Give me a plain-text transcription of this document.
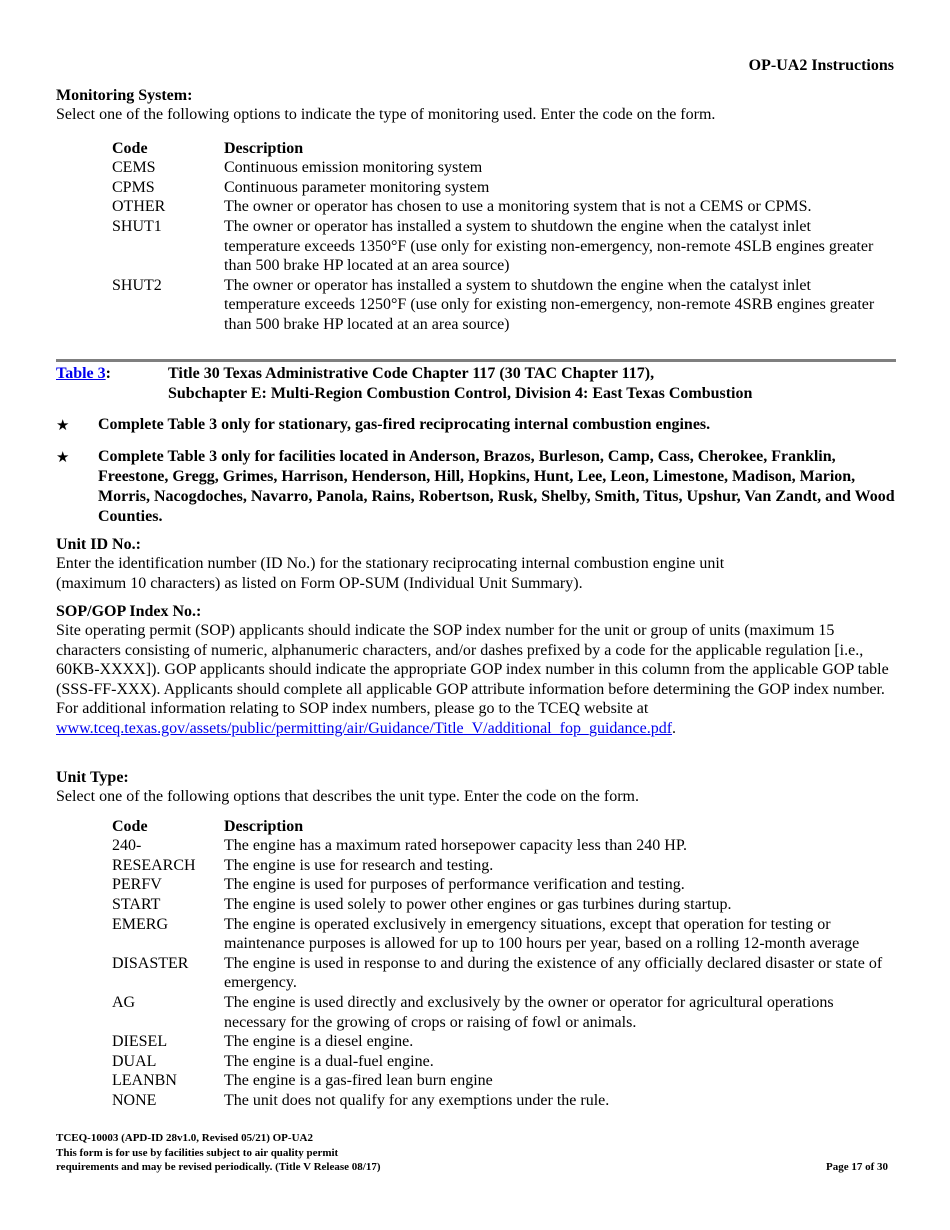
OP-UA2 Instructions
Monitoring System:
Select one of the following options to indicate the type of monitoring used. Enter the code on the form.
Code	Description
CEMS	Continuous emission monitoring system
CPMS	Continuous parameter monitoring system
OTHER	The owner or operator has chosen to use a monitoring system that is not a CEMS or CPMS.
SHUT1	The owner or operator has installed a system to shutdown the engine when the catalyst inlet temperature exceeds 1350°F (use only for existing non-emergency, non-remote 4SLB engines greater than 500 brake HP located at an area source)
SHUT2	The owner or operator has installed a system to shutdown the engine when the catalyst inlet temperature exceeds 1250°F (use only for existing non-emergency, non-remote 4SRB engines greater than 500 brake HP located at an area source)
Table 3:	Title 30 Texas Administrative Code Chapter 117 (30 TAC Chapter 117),
Subchapter E: Multi-Region Combustion Control, Division 4: East Texas Combustion
★ Complete Table 3 only for stationary, gas-fired reciprocating internal combustion engines.
★ Complete Table 3 only for facilities located in Anderson, Brazos, Burleson, Camp, Cass, Cherokee, Franklin, Freestone, Gregg, Grimes, Harrison, Henderson, Hill, Hopkins, Hunt, Lee, Leon, Limestone, Madison, Marion, Morris, Nacogdoches, Navarro, Panola, Rains, Robertson, Rusk, Shelby, Smith, Titus, Upshur, Van Zandt, and Wood Counties.
Unit ID No.:
Enter the identification number (ID No.) for the stationary reciprocating internal combustion engine unit (maximum 10 characters) as listed on Form OP-SUM (Individual Unit Summary).
SOP/GOP Index No.:
Site operating permit (SOP) applicants should indicate the SOP index number for the unit or group of units (maximum 15 characters consisting of numeric, alphanumeric characters, and/or dashes prefixed by a code for the applicable regulation [i.e., 60KB-XXXX]). GOP applicants should indicate the appropriate GOP index number in this column from the applicable GOP table (SSS-FF-XXX). Applicants should complete all applicable GOP attribute information before determining the GOP index number. For additional information relating to SOP index numbers, please go to the TCEQ website at
www.tceq.texas.gov/assets/public/permitting/air/Guidance/Title_V/additional_fop_guidance.pdf.
Unit Type:
Select one of the following options that describes the unit type. Enter the code on the form.
Code	Description
240-	The engine has a maximum rated horsepower capacity less than 240 HP.
RESEARCH	The engine is use for research and testing.
PERFV	The engine is used for purposes of performance verification and testing.
START	The engine is used solely to power other engines or gas turbines during startup.
EMERG	The engine is operated exclusively in emergency situations, except that operation for testing or maintenance purposes is allowed for up to 100 hours per year, based on a rolling 12-month average
DISASTER	The engine is used in response to and during the existence of any officially declared disaster or state of emergency.
AG	The engine is used directly and exclusively by the owner or operator for agricultural operations necessary for the growing of crops or raising of fowl or animals.
DIESEL	The engine is a diesel engine.
DUAL	The engine is a dual-fuel engine.
LEANBN	The engine is a gas-fired lean burn engine
NONE	The unit does not qualify for any exemptions under the rule.
TCEQ-10003 (APD-ID 28v1.0, Revised 05/21) OP-UA2
This form is for use by facilities subject to air quality permit
requirements and may be revised periodically. (Title V Release 08/17)	Page 17 of 30
